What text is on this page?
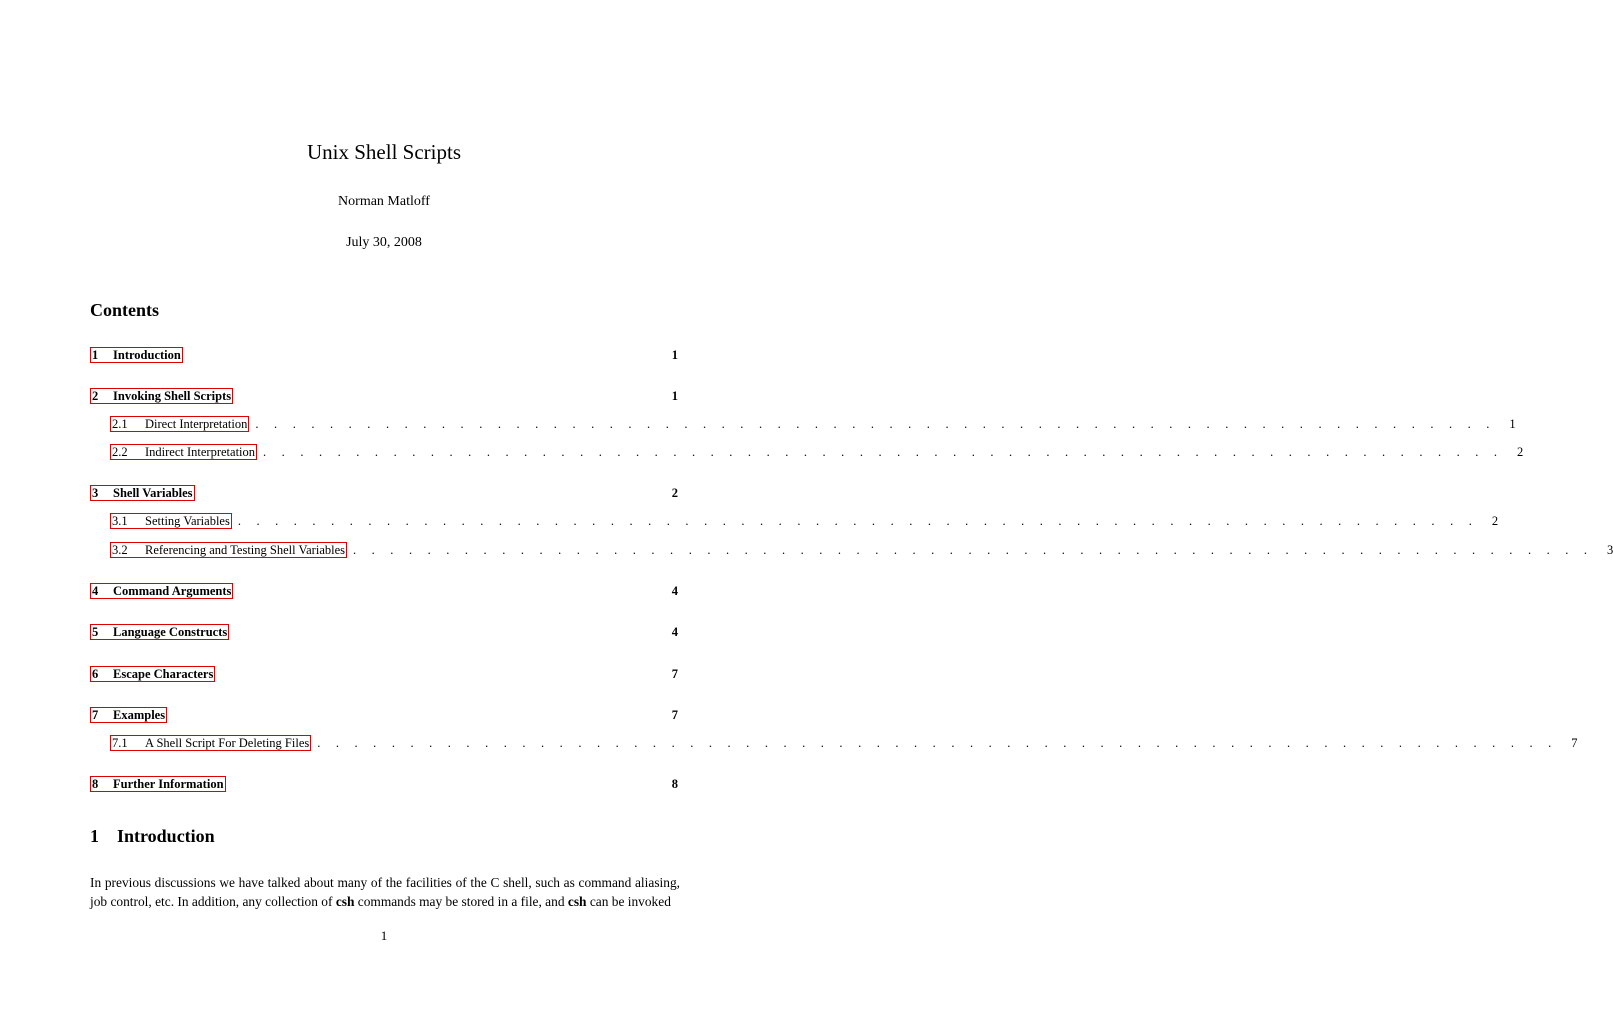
Unix Shell Scripts
Norman Matloff
July 30, 2008
Contents
1	Introduction	1
2	Invoking Shell Scripts	1
2.1	Direct Interpretation . . . . . . . . . . . . . . . . . . . . . . . . . . . . . . . . . . . . . . . . . . . . . . . . . . . . . . . . . . . . . . . . . . .	1
2.2	Indirect Interpretation . . . . . . . . . . . . . . . . . . . . . . . . . . . . . . . . . . . . . . . . . . . . . . . . . . . . . . . . . . . . . . . . . . .	2
3	Shell Variables	2
3.1	Setting Variables . . . . . . . . . . . . . . . . . . . . . . . . . . . . . . . . . . . . . . . . . . . . . . . . . . . . . . . . . . . . . . . . . . .	2
3.2	Referencing and Testing Shell Variables . . . . . . . . . . . . . . . . . . . . . . . . . . . . . . . . . . . . . . . . . . . . . . . . . . . . . . . . . . . . . . . . . . .	3
4	Command Arguments	4
5	Language Constructs	4
6	Escape Characters	7
7	Examples	7
7.1	A Shell Script For Deleting Files . . . . . . . . . . . . . . . . . . . . . . . . . . . . . . . . . . . . . . . . . . . . . . . . . . . . . . . . . . . . . . . . . . .	7
8	Further Information	8
1 Introduction
In previous discussions we have talked about many of the facilities of the C shell, such as command aliasing,
job control, etc. In addition, any collection of csh commands may be stored in a file, and csh can be invoked
1
